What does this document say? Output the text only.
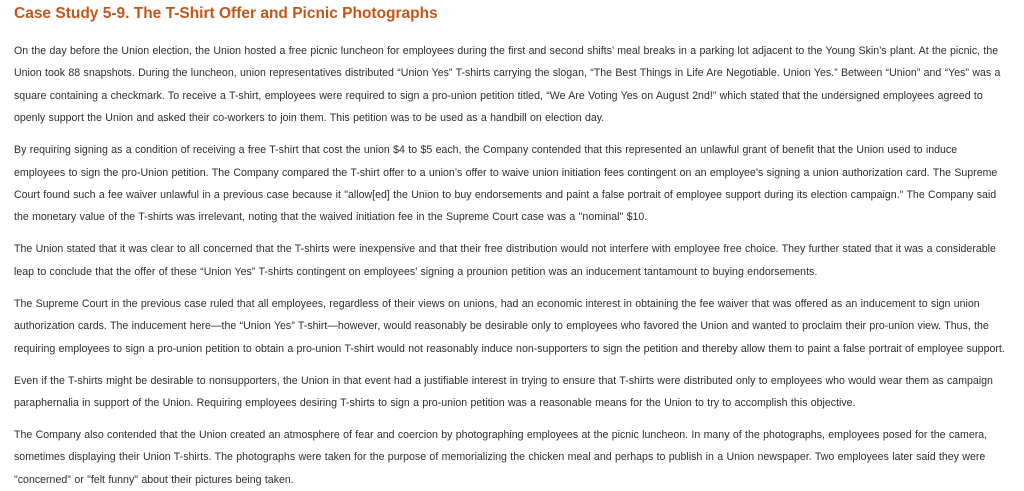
Case Study 5-9. The T-Shirt Offer and Picnic Photographs

On the day before the Union election, the Union hosted a free picnic luncheon for employees during the first and second shifts’ meal breaks in a parking lot adjacent to the Young Skin’s plant. At the picnic, the Union took 88 snapshots. During the luncheon, union representatives distributed “Union Yes” T-shirts carrying the slogan, “The Best Things in Life Are Negotiable. Union Yes.” Between “Union” and “Yes” was a square containing a checkmark. To receive a T-shirt, employees were required to sign a pro-union petition titled, “We Are Voting Yes on August 2nd!” which stated that the undersigned employees agreed to openly support the Union and asked their co-workers to join them. This petition was to be used as a handbill on election day.

By requiring signing as a condition of receiving a free T-shirt that cost the union $4 to $5 each, the Company contended that this represented an unlawful grant of benefit that the Union used to induce employees to sign the pro-Union petition. The Company compared the T-shirt offer to a union’s offer to waive union initiation fees contingent on an employee’s signing a union authorization card. The Supreme Court found such a fee waiver unlawful in a previous case because it "allow[ed] the Union to buy endorsements and paint a false portrait of employee support during its election campaign." The Company said the monetary value of the T-shirts was irrelevant, noting that the waived initiation fee in the Supreme Court case was a "nominal" $10.

The Union stated that it was clear to all concerned that the T-shirts were inexpensive and that their free distribution would not interfere with employee free choice. They further stated that it was a considerable leap to conclude that the offer of these “Union Yes” T-shirts contingent on employees’ signing a prounion petition was an inducement tantamount to buying endorsements.

The Supreme Court in the previous case ruled that all employees, regardless of their views on unions, had an economic interest in obtaining the fee waiver that was offered as an inducement to sign union authorization cards. The inducement here—the “Union Yes” T-shirt—however, would reasonably be desirable only to employees who favored the Union and wanted to proclaim their pro-union view. Thus, the requiring employees to sign a pro-union petition to obtain a pro-union T-shirt would not reasonably induce non-supporters to sign the petition and thereby allow them to paint a false portrait of employee support.

Even if the T-shirts might be desirable to nonsupporters, the Union in that event had a justifiable interest in trying to ensure that T-shirts were distributed only to employees who would wear them as campaign paraphernalia in support of the Union. Requiring employees desiring T-shirts to sign a pro-union petition was a reasonable means for the Union to try to accomplish this objective.

The Company also contended that the Union created an atmosphere of fear and coercion by photographing employees at the picnic luncheon. In many of the photographs, employees posed for the camera, sometimes displaying their Union T-shirts. The photographs were taken for the purpose of memorializing the chicken meal and perhaps to publish in a Union newspaper. Two employees later said they were "concerned" or "felt funny" about their pictures being taken.
